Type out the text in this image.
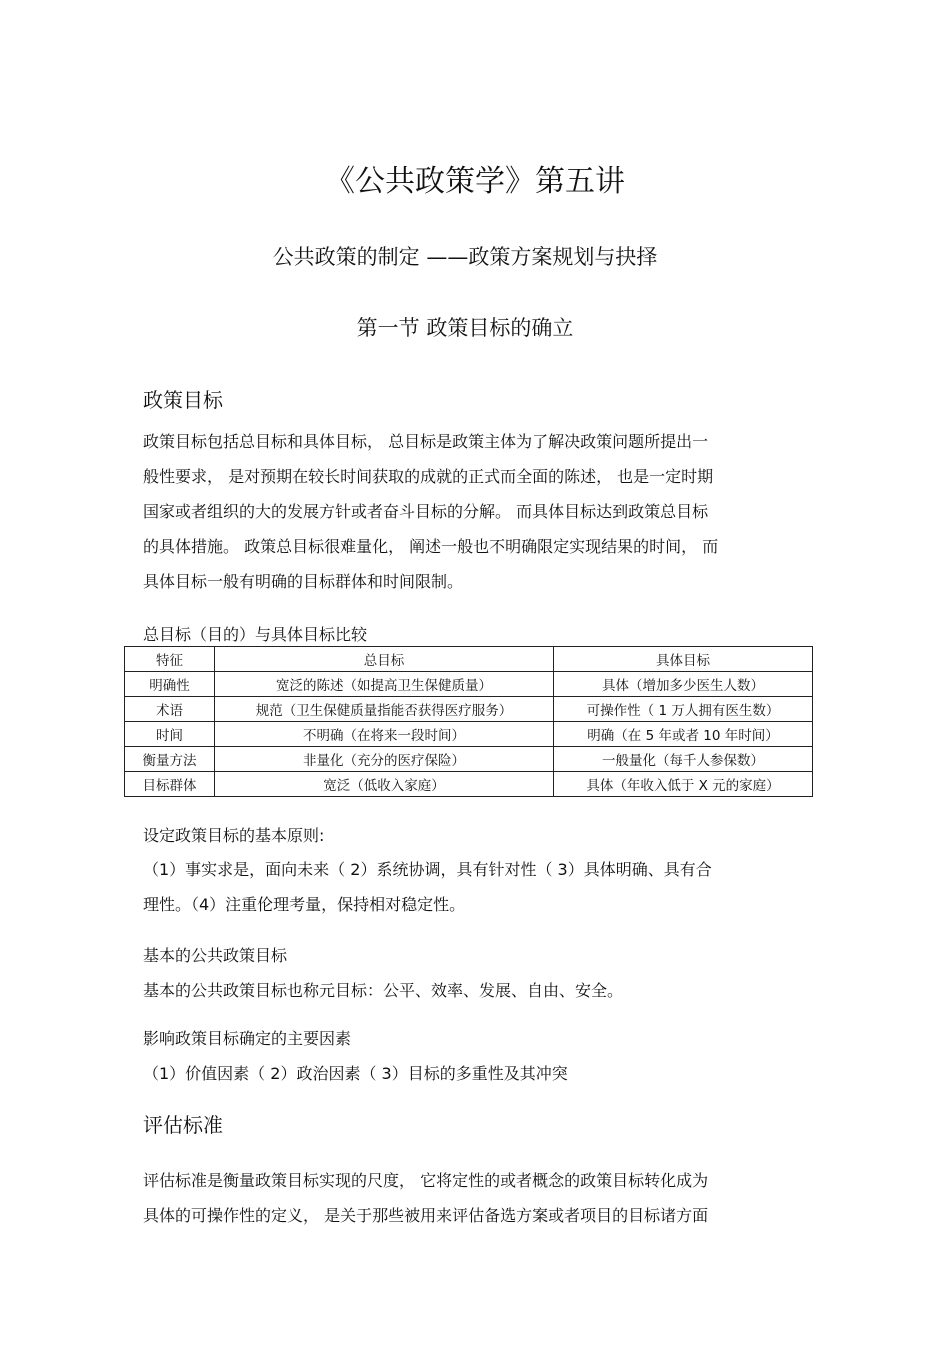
《公共政策学》第五讲
公共政策的制定 ——政策方案规划与抉择
第一节 政策目标的确立
政策目标
政策目标包括总目标和具体目标， 总目标是政策主体为了解决政策问题所提出一
般性要求， 是对预期在较长时间获取的成就的正式而全面的陈述， 也是一定时期
国家或者组织的大的发展方针或者奋斗目标的分解。 而具体目标达到政策总目标
的具体措施。 政策总目标很难量化， 阐述一般也不明确限定实现结果的时间， 而
具体目标一般有明确的目标群体和时间限制。
总目标（目的）与具体目标比较
特征	总目标	具体目标
明确性	宽泛的陈述（如提高卫生保健质量）	具体（增加多少医生人数）
术语	规范（卫生保健质量指能否获得医疗服务）	可操作性（ 1 万人拥有医生数）
时间	不明确（在将来一段时间）	明确（在 5 年或者 10 年时间）
衡量方法	非量化（充分的医疗保险）	一般量化（每千人参保数）
目标群体	宽泛（低收入家庭）	具体（年收入低于 X 元的家庭）
设定政策目标的基本原则:
（1）事实求是，面向未来（ 2）系统协调，具有针对性（ 3）具体明确、具有合
理性。（4）注重伦理考量，保持相对稳定性。
基本的公共政策目标
基本的公共政策目标也称元目标：公平、效率、发展、自由、安全。
影响政策目标确定的主要因素
（1）价值因素（ 2）政治因素（ 3）目标的多重性及其冲突
评估标准
评估标准是衡量政策目标实现的尺度， 它将定性的或者概念的政策目标转化成为
具体的可操作性的定义， 是关于那些被用来评估备选方案或者项目的目标诸方面
